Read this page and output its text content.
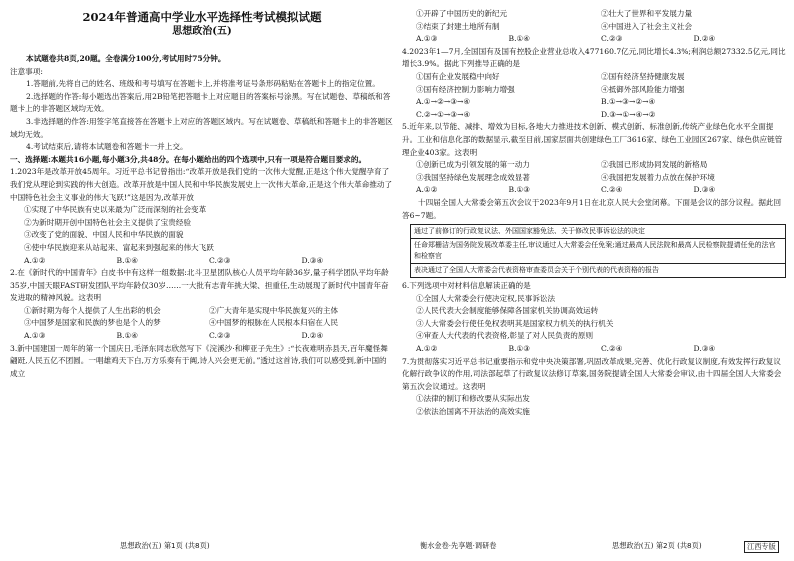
2024年普通高中学业水平选择性考试模拟试题
思想政治(五)

本试题卷共8页,20题。全卷满分100分,考试用时75分钟。

注意事项:

1.答题前,先将自己的姓名、班级和考号填写在答题卡上,并将准考证号条形码粘贴在答题卡上的指定位置。

2.选择题的作答:每小题选出答案后,用2B铅笔把答题卡上对应题目的答案标号涂黑。写在试题卷、草稿纸和答题卡上的非答题区域均无效。

3.非选择题的作答:用签字笔直接答在答题卡上对应的答题区域内。写在试题卷、草稿纸和答题卡上的非答题区域均无效。

4.考试结束后,请将本试题卷和答题卡一并上交。

一、选择题:本题共16小题,每小题3分,共48分。在每小题给出的四个选项中,只有一项是符合题目要求的。

1.2023年是改革开放45周年。习近平总书记曾指出:“改革开放是我们党的一次伟大觉醒,正是这个伟大觉醒孕育了我们党从理论到实践的伟大创造。改革开放是中国人民和中华民族发展史上一次伟大革命,正是这个伟大革命推动了中国特色社会主义事业的伟大飞跃!”这是因为,改革开放

①实现了中华民族有史以来最为广泛而深刻的社会变革

②为新时期开创中国特色社会主义提供了宝贵经验

③改变了党的面貌、中国人民和中华民族的面貌

④使中华民族迎来从站起来、富起来到强起来的伟大飞跃

A.①②	B.①④	C.②③	D.③④

2.在《新时代的中国青年》白皮书中有这样一组数据:北斗卫星团队核心人员平均年龄36岁,量子科学团队平均年龄35岁,中国天眼FAST研发团队平均年龄仅30岁……一大批有志青年挑大梁、担重任,生动展现了新时代中国青年奋发进取的精神风貌。这表明

①新时期为每个人提供了人生出彩的机会	②广大青年是实现中华民族复兴的主体
③中国梦是国家和民族的梦也是个人的梦	④中国梦的根脉在人民根本归宿在人民
A.①③	B.①④	C.②③	D.②④

3.新中国建国一周年的第一个国庆日,毛泽东同志欣然写下《浣溪沙·和柳亚子先生》:“长夜难明赤县天,百年魔怪舞翩跹,人民五亿不团圆。一唱雄鸡天下白,万方乐奏有于阗,诗人兴会更无前。”透过这首诗,我们可以感受到,新中国的成立

①开辟了中国历史的新纪元	②壮大了世界和平发展力量
③结束了封建土地所有制	④中国进入了社会主义社会
A.①③	B.①④	C.②③	D.②④

4.2023年1—7月,全国国有及国有控股企业营业总收入477160.7亿元,同比增长4.3%;利润总额27332.5亿元,同比增长3.9%。据此下列推导正确的是

①国有企业发展稳中向好	②国有经济坚持健康发展
③国有经济控制力影响力增强	④抵御外部风险能力增强
A.①→②→③→④	B.①→③→②→④
C.②→①→③→④	D.③→①→④→②

5.近年来,以节能、减排、增效为目标,各地大力推进技术创新、模式创新、标准创新,传统产业绿色化水平全面提升。工业和信息化部的数据显示,截至目前,国家层面共创建绿色工厂3616家、绿色工业园区267家、绿色供应链管理企业403家。这表明

①创新已成为引领发展的第一动力	②我国已形成协同发展的新格局
③我国坚持绿色发展理念成效显著	④我国把发展着力点放在保护环境
A.①②	B.①③	C.②④	D.③④

十四届全国人大常委会第五次会议于2023年9月1日在北京人民大会堂闭幕。下面是会议的部分议程。据此回答6~7题。

通过了前修订的行政复议法、外国国家豁免法、关于修改民事诉讼法的决定
任命郑栅洁为国务院发展改革委主任,审议通过人大常委会任免案;通过最高人民法院和最高人民检察院提请任免的法官和检察官
表决通过了全国人大常委会代表资格审查委员会关于个别代表的代表资格的报告

6.下列选项中对材料信息解读正确的是

①全国人大常委会行使决定权,民事诉讼法

②人民代表大会制度能够保障各国家机关协调高效运转

③人大常委会行使任免权表明其是国家权力机关的执行机关

④审查人大代表的代表资格,彰显了对人民负责的原则

A.①②	B.①③	C.②④	D.③④

7.为贯彻落实习近平总书记重要指示和党中央决策部署,巩固改革成果,完善、优化行政复议制度,有效发挥行政复议化解行政争议的作用,司法部起草了行政复议法修订草案,国务院提请全国人大常委会审议,由十四届全国人大常委会第五次会议通过。这表明

①法律的制订和修改要从实际出发

②依法治国离不开法治的高效实施

思想政治(五) 第1页 (共8页)	衡水金卷·先享题·调研卷	思想政治(五) 第2页 (共8页)	江西专版
